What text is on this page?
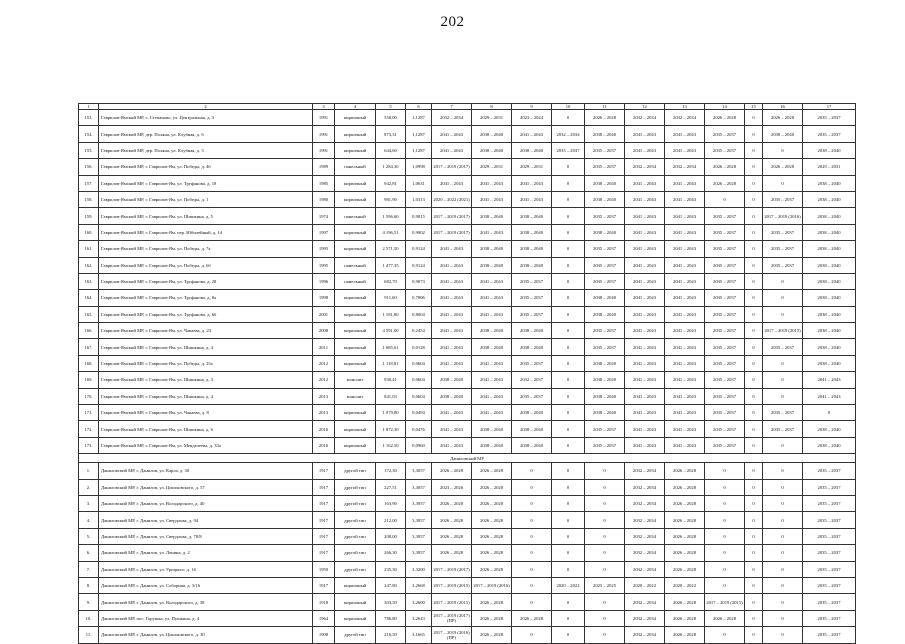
202
1	2	3	4	5	6	7	8	9	10	11	12	13	14	15	16	17
153.	Гаврилов-Ямский МР, с. Степаново, ул. Центральная, д. 3	1991	кирпичный	558,00	1,1287	2032 – 2034	2029 – 2031	2023 – 2024	0	2026 – 2028	2032 – 2034	2032 – 2034	2026 – 2028	0	2026 – 2028	2035 – 2037
154.	Гаврилов-Ямский МР, дер. Поляна, ул. Клубная, д. 6	1991	кирпичный	873,31	1,1287	2041 – 2043	2038 – 2040	2041 – 2043	2032 – 2034	2038 – 2040	2041 – 2043	2041 – 2043	2035 – 2037	0	2038 – 2040	2035 – 2037
155.	Гаврилов-Ямский МР, дер. Поляна, ул. Клубная, д. 3	1991	кирпичный	644,60	1,1287	2041 – 2043	2038 – 2040	2038 – 2040	2035 – 2037	2035 – 2037	2041 – 2043	2041 – 2043	2035 – 2037	0	0	2038 – 2040
156.	Гаврилов-Ямский МР, г. Гаврилов-Ям, ул. Победы, д. 46	1989	панельный	1 284,30	1,0998	2017 – 2019 (2017)	2029 – 2031	2029 – 2031	0	2035 – 2037	2032 – 2034	2032 – 2034	2026 – 2028	0	2026 – 2028	2029 – 2031
157.	Гаврилов-Ямский МР, г. Гаврилов-Ям, ул. Труфанова, д. 18	1985	кирпичный	942,81	1,0631	2041 – 2043	2041 – 2043	2041 – 2043	0	2038 – 2040	2041 – 2043	2041 – 2043	2026 – 2028	0	0	2038 – 2040
158.	Гаврилов-Ямский МР, г. Гаврилов-Ям, ул. Победы, д. 1	1980	кирпичный	981,90	1,0313	2020 – 2022 (2021)	2041 – 2043	2041 – 2043	0	2038 – 2040	2041 – 2043	2041 – 2043	0	0	2035 – 2037	2038 – 2040
159.	Гаврилов-Ямский МР, г. Гаврилов-Ям, ул. Шишкина, д. 5	1974	панельный	1 596,60	0,9815	2017 – 2019 (2017)	2038 – 2040	2038 – 2040	0	2035 – 2037	2041 – 2043	2041 – 2043	2035 – 2037	0	2017 – 2019 (2016)	2038 – 2040
160.	Гаврилов-Ямский МР, г. Гаврилов-Ям, пер. Юбилейный, д. 14	1997	кирпичный	4 196,51	0,9002	2017 – 2019 (2017)	2041 – 2043	2038 – 2040	0	2038 – 2040	2041 – 2043	2041 – 2043	2035 – 2037	0	2035 – 2037	2038 – 2040
161.	Гаврилов-Ямский МР, г. Гаврилов-Ям, ул. Победы, д. 7а	1995	кирпичный	2 571,50	0,9124	2041 – 2043	2038 – 2040	2038 – 2040	0	2035 – 2037	2041 – 2043	2041 – 2043	2035 – 2037	0	2035 – 2037	2038 – 2040
162.	Гаврилов-Ямский МР, г. Гаврилов-Ям, ул. Победы, д. 6б	1995	панельный	1 477,35	0,9124	2041 – 2043	2038 – 2040	2038 – 2040	0	2035 – 2037	2041 – 2043	2041 – 2043	2035 – 2037	0	2035 – 2037	2038 – 2040
163.	Гаврилов-Ямский МР, г. Гаврилов-Ям, ул. Труфанова, д. 28	1996	панельный	682,70	0,9073	2041 – 2043	2041 – 2043	2035 – 2037	0	2035 – 2037	2041 – 2043	2041 – 2043	2035 – 2037	0	0	2038 – 2040
164.	Гаврилов-Ямский МР, г. Гаврилов-Ям, ул. Труфанова, д. 8а	1998	кирпичный	911,60	0,7906	2041 – 2043	2041 – 2043	2035 – 2037	0	2038 – 2040	2041 – 2043	2041 – 2043	2035 – 2037	0	0	2038 – 2040
165.	Гаврилов-Ямский МР, г. Гаврилов-Ям, ул. Труфанова, д. 6б	2001	кирпичный	1 181,80	0,8004	2041 – 2043	2041 – 2043	2035 – 2037	0	2038 – 2040	2041 – 2043	2041 – 2043	2035 – 2037	0	0	2038 – 2040
166.	Гаврилов-Ямский МР, г. Гаврилов-Ям, ул. Чапаева, д. 23	2008	кирпичный	4 591,00	0,2454	2041 – 2043	2038 – 2040	2038 – 2040	0	2035 – 2037	2041 – 2043	2041 – 2043	2035 – 2037	0	2017 – 2019 (2015)	2038 – 2040
167.	Гаврилов-Ямский МР, г. Гаврилов-Ям, ул. Шишкина, д. 4	2011	кирпичный	1 685,61	0,0128	2041 – 2043	2038 – 2040	2038 – 2040	0	2035 – 2037	2041 – 2043	2041 – 2043	2035 – 2037	0	2035 – 2037	2038 – 2040
168.	Гаврилов-Ямский МР, г. Гаврилов-Ям, ул. Победы, д. 25а	2012	кирпичный	1 118,81	0,0604	2041 – 2043	2041 – 2043	2035 – 2037	0	2038 – 2040	2041 – 2043	2041 – 2043	2035 – 2037	0	0	2038 – 2040
169.	Гаврилов-Ямский МР, г. Гаврилов-Ям, ул. Шишкина, д. 3	2012	монолит	930,41	0,0604	2038 – 2040	2041 – 2043	2032 – 2037	0	2038 – 2040	2041 – 2043	2041 – 2043	2035 – 2037	0	0	2041 – 2043
170.	Гаврилов-Ямский МР, г. Гаврилов-Ям, ул. Шишкина, д. 4	2013	монолит	841,03	0,0604	2038 – 2040	2041 – 2043	2035 – 2037	0	2038 – 2040	2041 – 2043	2041 – 2043	2035 – 2037	0	0	2041 – 2043
171.	Гаврилов-Ямский МР, г. Гаврилов-Ям, ул. Чапаева, д. 8	2013	кирпичный	1 079,80	0,0494	2041 – 2043	2041 – 2043	2038 – 2040	0	2038 – 2040	2041 – 2043	2041 – 2043	2035 – 2037	0	2035 – 2037	0
172.	Гаврилов-Ямский МР, г. Гаврилов-Ям, ул. Шишкина, д. 6	2016	кирпичный	1 872,30	0,0476	2041 – 2043	2038 – 2040	2038 – 2040	0	2035 – 2037	2041 – 2043	2041 – 2043	2035 – 2037	0	2035 – 2037	2038 – 2040
173.	Гаврилов-Ямский МР, г. Гаврилов-Ям, ул. Менделеева, д. 33а	2016	кирпичный	1 162,50	0,0960	2041 – 2043	2038 – 2040	2038 – 2040	0	2035 – 2037	2041 – 2043	2041 – 2043	2035 – 2037	0	0	2038 – 2040
Даниловский МР																
1.	Даниловский МР, г. Данилов, ул. Карла, д. 30	1917	другой тип	172,30	3,3057	2026 – 2028	2026 – 2028	0	0	0	2032 – 2034	2026 – 2028	0	0	0	2035 – 2037
2.	Даниловский МР, г. Данилов, ул. Циолковского, д. 57	1917	другой тип	227,51	3,3057	2023 – 2026	2026 – 2028	0	0	0	2032 – 2034	2026 – 2028	0	0	0	2035 – 2037
3.	Даниловский МР, г. Данилов, ул. Володарского, д. 40	1917	другой тип	163,90	3,3957	2026 – 2028	2026 – 2028	0	0	0	2032 – 2034	2026 – 2028	0	0	0	2035 – 2037
4.	Даниловский МР, г. Данилов, ул. Свердлова, д. 94	1917	другой тип	212,00	3,3957	2026 – 2028	2026 – 2028	0	0	0	2032 – 2034	2026 – 2028	0	0	0	2035 – 2037
5.	Даниловский МР, г. Данилов, ул. Свердлова, д. 78/8	1917	другой тип	208,00	3,3957	2026 – 2028	2026 – 2028	0	0	0	2032 – 2034	2026 – 2028	0	0	0	2035 – 2037
6.	Даниловский МР, г. Данилов, ул. Ленина, д. 2	1917	другой тип	266,30	3,3957	2026 – 2028	2026 – 2028	0	0	0	2032 – 2034	2026 – 2028	0	0	0	2035 – 2037
7.	Даниловский МР, г. Данилов, ул. Урицкого, д. 16	1950	другой тип	235,30	3,3200	2017 – 2019 (2017)	2026 – 2028	0	0	0	2032 – 2034	2026 – 2028	0	0	0	2035 – 2037
8.	Даниловский МР, г. Данилов, ул. Соборная, д. 3/16	1917	кирпичный	247,80	3,2668	2017 – 2019 (2015)	2017 – 2019 (2016)	0	2020 – 2022	2023 – 2025	2020 – 2022	2020 – 2022	0	0	0	2035 – 2037
9.	Даниловский МР, г. Данилов, ул. Володарского, д. 38	1918	кирпичный	303,50	3,2600	2017 – 2019 (2015)	2026 – 2028	0	0	0	2032 – 2034	2026 – 2028	2017 – 2019 (2015)	0	0	2035 – 2037
10.	Даниловский МР, пос. Горушка, ул. Пушкина, д. 4	1964	кирпичный	786,80	3,2643	2017 – 2019 (2017)(ПР)	2026 – 2028	2026 – 2028	0	0	2032 – 2034	2026 – 2028	2026 – 2028	0	0	2035 – 2037
11.	Даниловский МР, г. Данилов, ул. Циолковского, д. 30	1908	другой тип	216,50	3,1665	2017 – 2019 (2016)(ПР)	2026 – 2028	0	0	0	2032 – 2034	2026 – 2028	0	0	0	2035 – 2037
